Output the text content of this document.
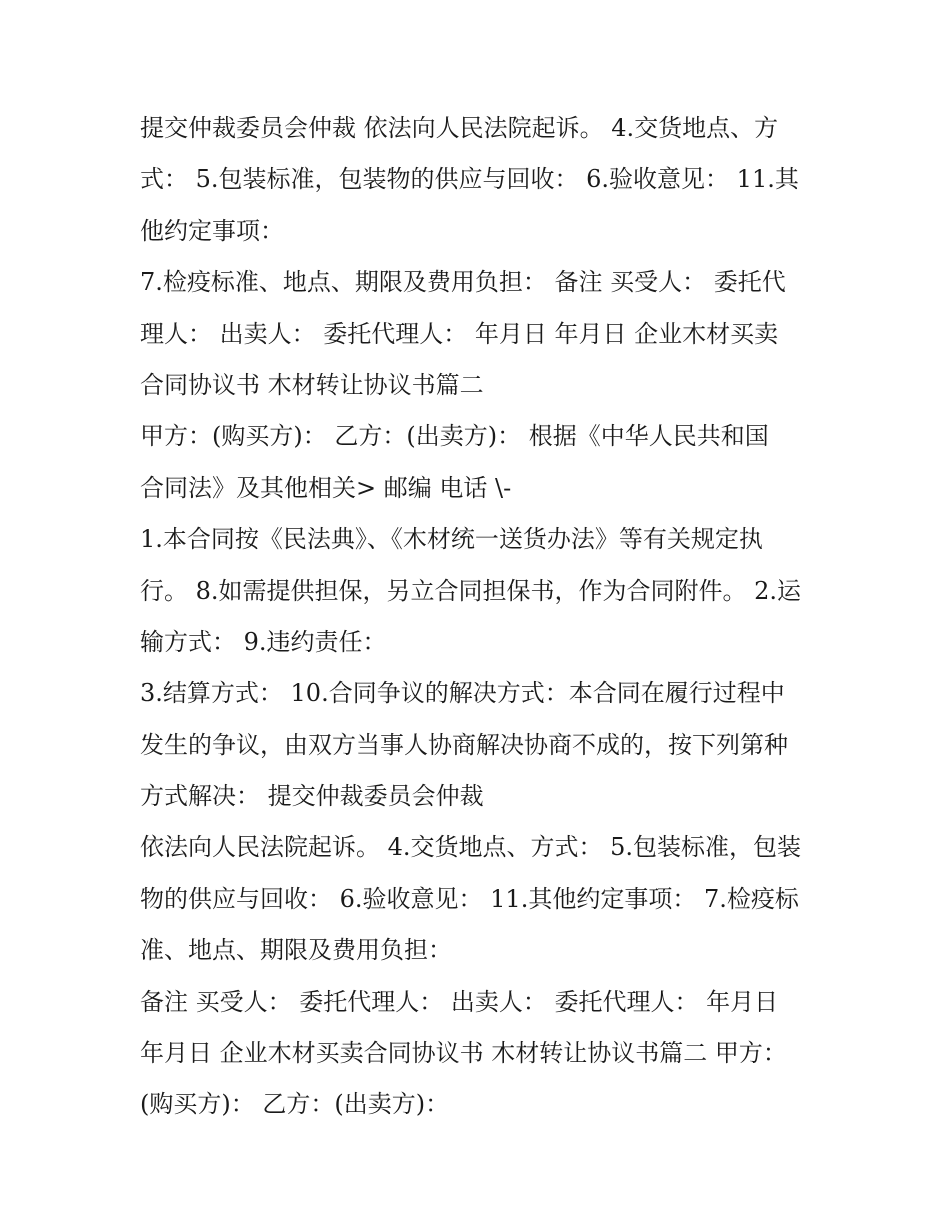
提交仲裁委员会仲裁 依法向人民法院起诉。 4.交货地点、方
式： 5.包装标准，包装物的供应与回收： 6.验收意见： 11.其
他约定事项：
7.检疫标准、地点、期限及费用负担： 备注 买受人： 委托代
理人： 出卖人： 委托代理人： 年月日 年月日 企业木材买卖
合同协议书 木材转让协议书篇二
甲方：(购买方)： 乙方：(出卖方)： 根据《中华人民共和国
合同法》及其他相关> 邮编 电话 \-
1.本合同按《民法典》、《木材统一送货办法》等有关规定执
行。 8.如需提供担保，另立合同担保书，作为合同附件。 2.运
输方式： 9.违约责任：
3.结算方式： 10.合同争议的解决方式：本合同在履行过程中
发生的争议，由双方当事人协商解决协商不成的，按下列第种
方式解决： 提交仲裁委员会仲裁
依法向人民法院起诉。 4.交货地点、方式： 5.包装标准，包装
物的供应与回收： 6.验收意见： 11.其他约定事项： 7.检疫标
准、地点、期限及费用负担：
备注 买受人： 委托代理人： 出卖人： 委托代理人： 年月日
年月日 企业木材买卖合同协议书 木材转让协议书篇二 甲方：
(购买方)： 乙方：(出卖方)：
